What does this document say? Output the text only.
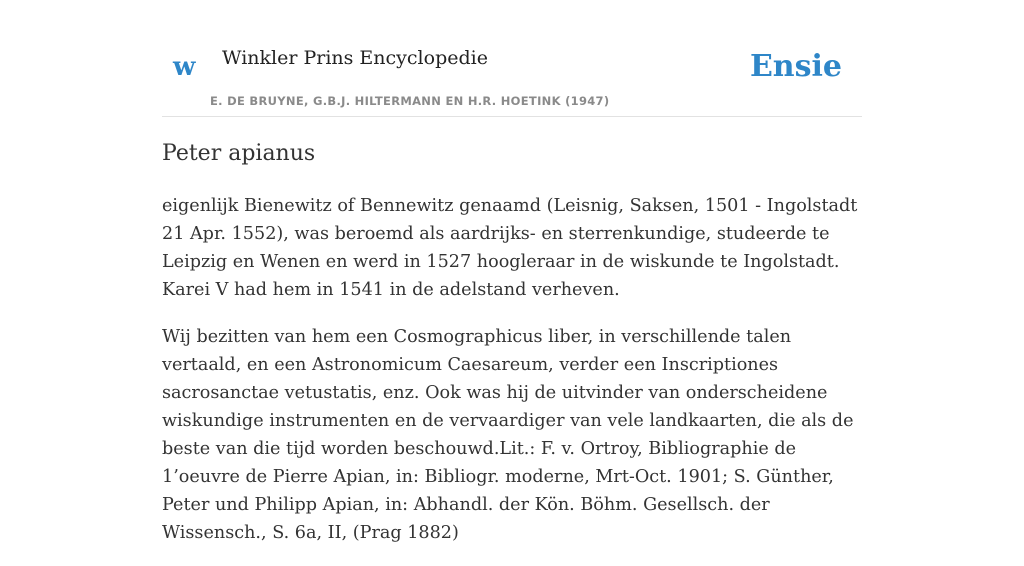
w Winkler Prins Encyclopedie
E. DE BRUYNE, G.B.J. HILTERMANN EN H.R. HOETINK (1947)
Ensie
Peter apianus

eigenlijk Bienewitz of Bennewitz genaamd (Leisnig, Saksen, 1501 - Ingolstadt 21 Apr. 1552), was beroemd als aardrijks- en sterrenkundige, studeerde te Leipzig en Wenen en werd in 1527 hoogleraar in de wiskunde te Ingolstadt. Karei V had hem in 1541 in de adelstand verheven.

Wij bezitten van hem een Cosmographicus liber, in verschillende talen vertaald, en een Astronomicum Caesareum, verder een Inscriptiones sacrosanctae vetustatis, enz. Ook was hij de uitvinder van onderscheidene wiskundige instrumenten en de vervaardiger van vele landkaarten, die als de beste van die tijd worden beschouwd.Lit.: F. v. Ortroy, Bibliographie de 1’oeuvre de Pierre Apian, in: Bibliogr. moderne, Mrt-Oct. 1901; S. Günther, Peter und Philipp Apian, in: Abhandl. der Kön. Böhm. Gesellsch. der Wissensch., S. 6a, II, (Prag 1882)
